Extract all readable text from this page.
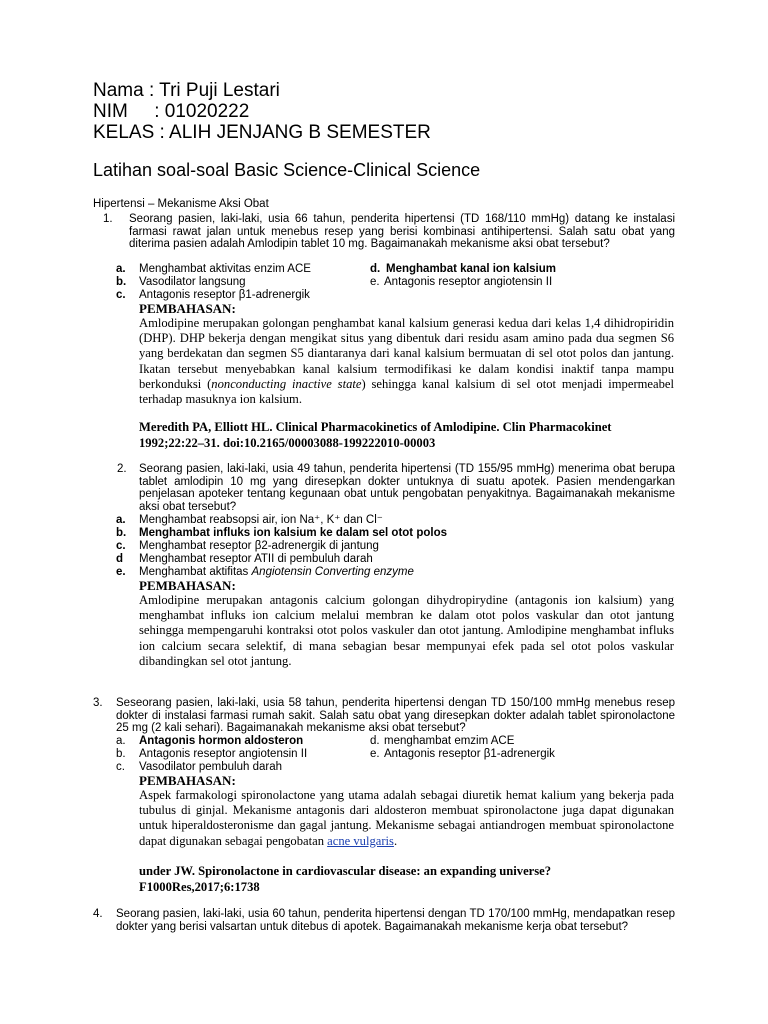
Nama : Tri Puji Lestari
NIM     : 01020222
KELAS : ALIH JENJANG B SEMESTER
Latihan soal-soal Basic Science-Clinical Science
Hipertensi – Mekanisme Aksi Obat
1. Seorang pasien, laki-laki, usia 66 tahun, penderita hipertensi (TD 168/110 mmHg) datang ke instalasi farmasi rawat jalan untuk menebus resep yang berisi kombinasi antihipertensi. Salah satu obat yang diterima pasien adalah Amlodipin tablet 10 mg. Bagaimanakah mekanisme aksi obat tersebut?
a. Menghambat aktivitas enzim ACE
b. Vasodilator langsung
c. Antagonis reseptor β1-adrenergik
d. Menghambat kanal ion kalsium
e. Antagonis reseptor angiotensin II
PEMBAHASAN:
Amlodipine merupakan golongan penghambat kanal kalsium generasi kedua dari kelas 1,4 dihidropiridin (DHP). DHP bekerja dengan mengikat situs yang dibentuk dari residu asam amino pada dua segmen S6 yang berdekatan dan segmen S5 diantaranya dari kanal kalsium bermuatan di sel otot polos dan jantung. Ikatan tersebut menyebabkan kanal kalsium termodifikasi ke dalam kondisi inaktif tanpa mampu berkonduksi (nonconducting inactive state) sehingga kanal kalsium di sel otot menjadi impermeabel terhadap masuknya ion kalsium.
Meredith PA, Elliott HL. Clinical Pharmacokinetics of Amlodipine. Clin Pharmacokinet 1992;22:22–31. doi:10.2165/00003088-199222010-00003
2. Seorang pasien, laki-laki, usia 49 tahun, penderita hipertensi (TD 155/95 mmHg) menerima obat berupa tablet amlodipin 10 mg yang diresepkan dokter untuknya di suatu apotek. Pasien mendengarkan penjelasan apoteker tentang kegunaan obat untuk pengobatan penyakitnya. Bagaimanakah mekanisme aksi obat tersebut?
a. Menghambat reabsopsi air, ion Na⁺, K⁺ dan Cl⁻
b. Menghambat influks ion kalsium ke dalam sel otot polos
c. Menghambat reseptor β2-adrenergik di jantung
d Menghambat reseptor ATII di pembuluh darah
e. Menghambat aktifitas Angiotensin Converting enzyme
PEMBAHASAN:
Amlodipine merupakan antagonis calcium golongan dihydropirydine (antagonis ion kalsium) yang menghambat influks ion calcium melalui membran ke dalam otot polos vaskular dan otot jantung sehingga mempengaruhi kontraksi otot polos vaskuler dan otot jantung. Amlodipine menghambat influks ion calcium secara selektif, di mana sebagian besar mempunyai efek pada sel otot polos vaskular dibandingkan sel otot jantung.
3. Seseorang pasien, laki-laki, usia 58 tahun, penderita hipertensi dengan TD 150/100 mmHg menebus resep dokter di instalasi farmasi rumah sakit. Salah satu obat yang diresepkan dokter adalah tablet spironolactone 25 mg (2 kali sehari). Bagaimanakah mekanisme aksi obat tersebut?
a. Antagonis hormon aldosteron
b. Antagonis reseptor angiotensin II
c. Vasodilator pembuluh darah
d. menghambat emzim ACE
e. Antagonis reseptor β1-adrenergik
PEMBAHASAN:
Aspek farmakologi spironolactone yang utama adalah sebagai diuretik hemat kalium yang bekerja pada tubulus di ginjal. Mekanisme antagonis dari aldosteron membuat spironolactone juga dapat digunakan untuk hiperaldosteronisme dan gagal jantung. Mekanisme sebagai antiandrogen membuat spironolactone dapat digunakan sebagai pengobatan acne vulgaris.
under JW. Spironolactone in cardiovascular disease: an expanding universe? F1000Res,2017;6:1738
4. Seorang pasien, laki-laki, usia 60 tahun, penderita hipertensi dengan TD 170/100 mmHg, mendapatkan resep dokter yang berisi valsartan untuk ditebus di apotek. Bagaimanakah mekanisme kerja obat tersebut?
